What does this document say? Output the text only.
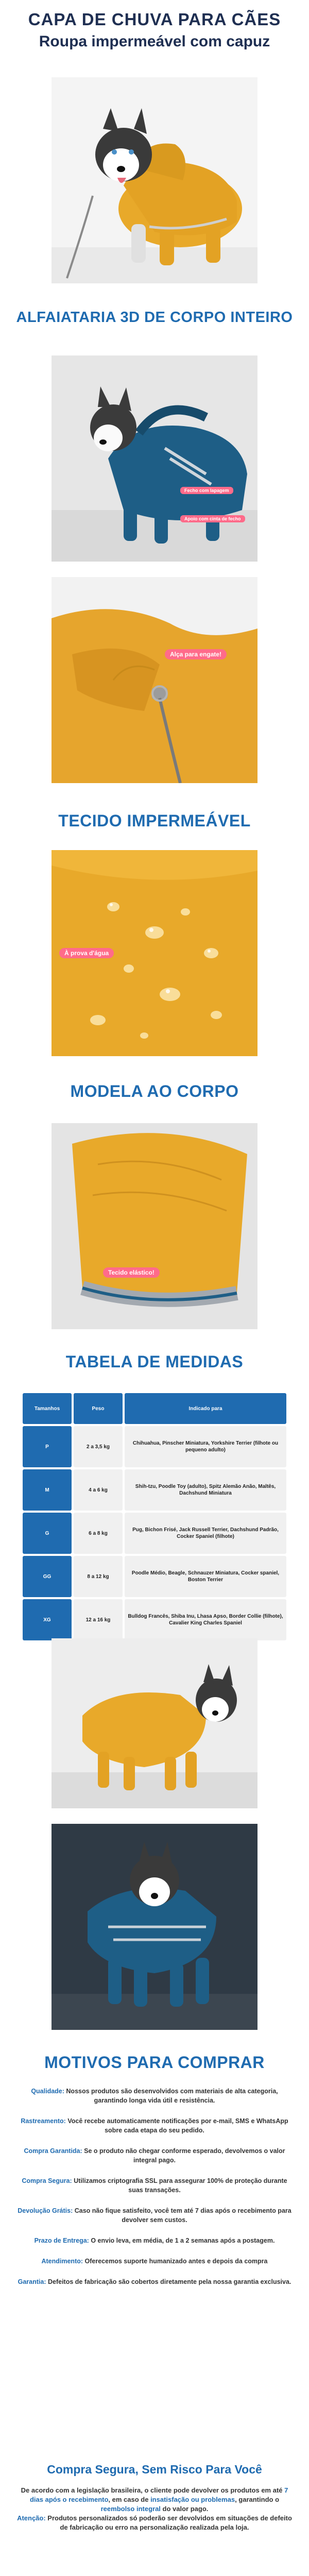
CAPA DE CHUVA PARA CÃES
Roupa impermeável com capuz
ALFAIATARIA 3D DE CORPO INTEIRO
Fecho com lapagem
Apoio com cinta de fecho
Alça para engate!
TECIDO IMPERMEÁVEL
À prova d'água
MODELA AO CORPO
Tecido elástico!
TABELA DE MEDIDAS
Tamanhos	Peso	Indicado para
P	2 a 3,5 kg	Chihuahua, Pinscher Miniatura, Yorkshire Terrier (filhote ou pequeno adulto)
M	4 a 6 kg	Shih-tzu, Poodle Toy (adulto), Spitz Alemão Anão, Maltês, Dachshund Miniatura
G	6 a 8 kg	Pug, Bichon Frisé, Jack Russell Terrier, Dachshund Padrão, Cocker Spaniel (filhote)
GG	8 a 12 kg	Poodle Médio, Beagle, Schnauzer Miniatura, Cocker spaniel, Boston Terrier
XG	12 a 16 kg	Bulldog Francês, Shiba Inu, Lhasa Apso, Border Collie (filhote), Cavalier King Charles Spaniel
MOTIVOS PARA COMPRAR

Qualidade: Nossos produtos são desenvolvidos com materiais de alta categoria, garantindo longa vida útil e resistência.

Rastreamento: Você recebe automaticamente notificações por e-mail, SMS e WhatsApp sobre cada etapa do seu pedido.

Compra Garantida: Se o produto não chegar conforme esperado, devolvemos o valor integral pago.

Compra Segura: Utilizamos criptografia SSL para assegurar 100% de proteção durante suas transações.

Devolução Grátis: Caso não fique satisfeito, você tem até 7 dias após o recebimento para devolver sem custos.

Prazo de Entrega: O envio leva, em média, de 1 a 2 semanas após a postagem.

Atendimento: Oferecemos suporte humanizado antes e depois da compra

Garantia: Defeitos de fabricação são cobertos diretamente pela nossa garantia exclusiva.

Compra Segura, Sem Risco Para Você
De acordo com a legislação brasileira, o cliente pode devolver os produtos em até 7 dias após o recebimento, em caso de insatisfação ou problemas, garantindo o reembolso integral do valor pago.
Atenção: Produtos personalizados só poderão ser devolvidos em situações de defeito de fabricação ou erro na personalização realizada pela loja.
